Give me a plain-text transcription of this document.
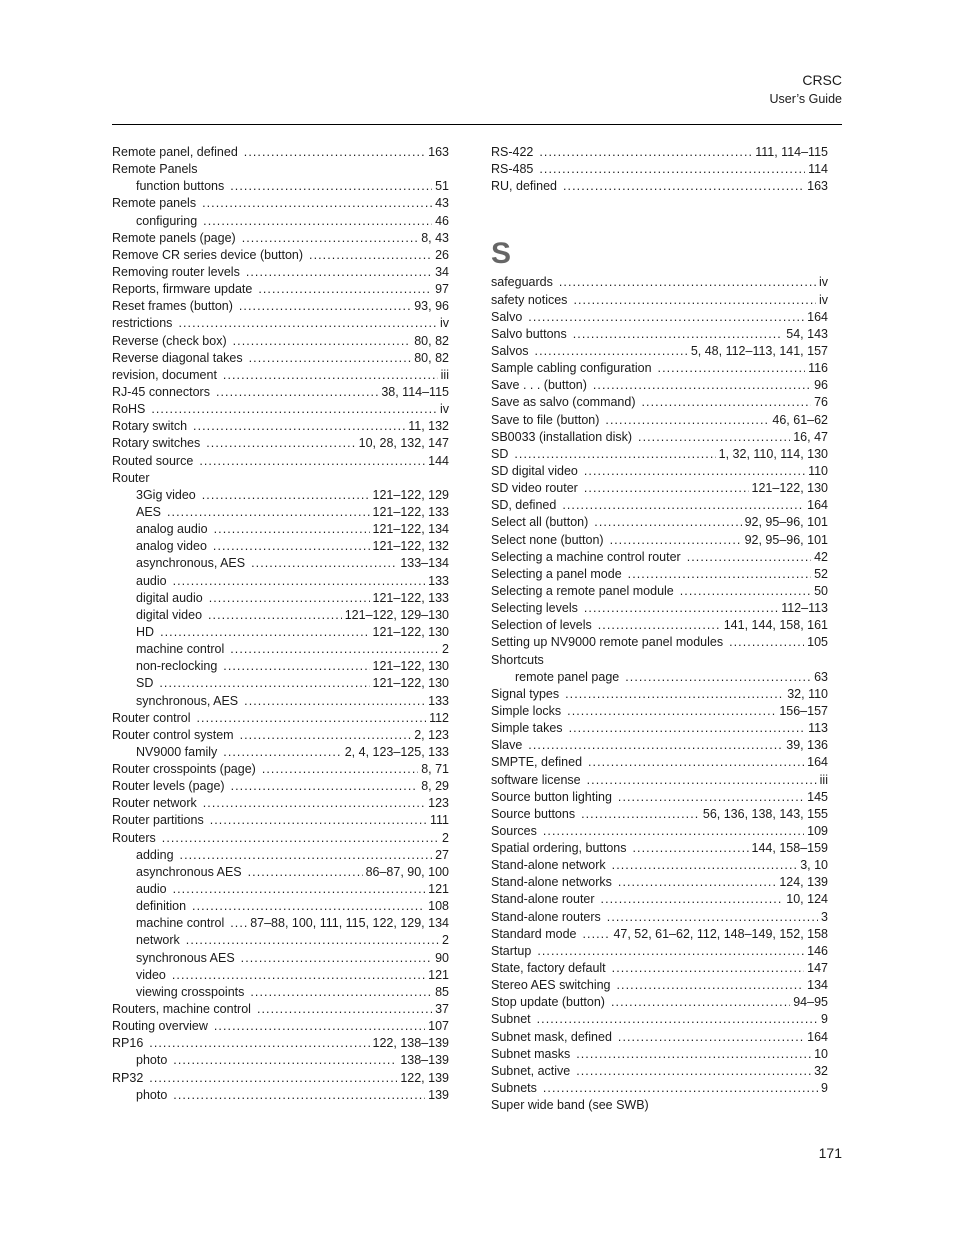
CRSC
User’s Guide
Remote panel, defined . . .	163
Remote Panels
function buttons . . .	51
Remote panels . . .	43
configuring . . .	46
Remote panels (page) . . .	8, 43
Remove CR series device (button) . . .	26
Removing router levels . . .	34
Reports, firmware update . . .	97
Reset frames (button) . . .	93, 96
restrictions . . .	iv
Reverse (check box) . . .	80, 82
Reverse diagonal takes . . .	80, 82
revision, document . . .	iii
RJ-45 connectors . . .	38, 114–115
RoHS . . .	iv
Rotary switch . . .	11, 132
Rotary switches . . .	10, 28, 132, 147
Routed source . . .	144
Router
3Gig video . . .	121–122, 129
AES . . .	121–122, 133
analog audio . . .	121–122, 134
analog video . . .	121–122, 132
asynchronous, AES . . .	133–134
audio . . .	133
digital audio . . .	121–122, 133
digital video . . .	121–122, 129–130
HD . . .	121–122, 130
machine control . . .	2
non-reclocking . . .	121–122, 130
SD . . .	121–122, 130
synchronous, AES . . .	133
Router control . . .	112
Router control system . . .	2, 123
NV9000 family . . .	2, 4, 123–125, 133
Router crosspoints (page) . . .	8, 71
Router levels (page) . . .	8, 29
Router network . . .	123
Router partitions . . .	111
Routers . . .	2
adding . . .	27
asynchronous AES . . .	86–87, 90, 100
audio . . .	121
definition . . .	108
machine control . . . 87–88, 100, 111, 115, 122, 129, 134
network . . .	2
synchronous AES . . .	90
video . . .	121
viewing crosspoints . . .	85
Routers, machine control . . .	37
Routing overview . . .	107
RP16 . . .	122, 138–139
photo . . .	138–139
RP32 . . .	122, 139
photo . . .	139
RS-422 . . .	111, 114–115
RS-485 . . .	114
RU, defined . . .	163
S
safeguards . . .	iv
safety notices . . .	iv
Salvo . . .	164
Salvo buttons . . .	54, 143
Salvos . . .	5, 48, 112–113, 141, 157
Sample cabling configuration . . .	116
Save . . . (button) . . .	96
Save as salvo (command) . . .	76
Save to file (button) . . .	46, 61–62
SB0033 (installation disk) . . .	16, 47
SD . . .	1, 32, 110, 114, 130
SD digital video . . .	110
SD video router . . .	121–122, 130
SD, defined . . .	164
Select all (button) . . .	92, 95–96, 101
Select none (button) . . .	92, 95–96, 101
Selecting a machine control router . . .	42
Selecting a panel mode . . .	52
Selecting a remote panel module . . .	50
Selecting levels . . .	112–113
Selection of levels . . .	141, 144, 158, 161
Setting up NV9000 remote panel modules . . .	105
Shortcuts
remote panel page . . .	63
Signal types . . .	32, 110
Simple locks . . .	156–157
Simple takes . . .	113
Slave . . .	39, 136
SMPTE, defined . . .	164
software license . . .	iii
Source button lighting . . .	145
Source buttons . . .	56, 136, 138, 143, 155
Sources . . .	109
Spatial ordering, buttons . . .	144, 158–159
Stand-alone network . . .	3, 10
Stand-alone networks . . .	124, 139
Stand-alone router . . .	10, 124
Stand-alone routers . . .	3
Standard mode . . .	47, 52, 61–62, 112, 148–149, 152, 158
Startup . . .	146
State, factory default . . .	147
Stereo AES switching . . .	134
Stop update (button) . . .	94–95
Subnet . . .	9
Subnet mask, defined . . .	164
Subnet masks . . .	10
Subnet, active . . .	32
Subnets . . .	9
Super wide band (see SWB)
171
